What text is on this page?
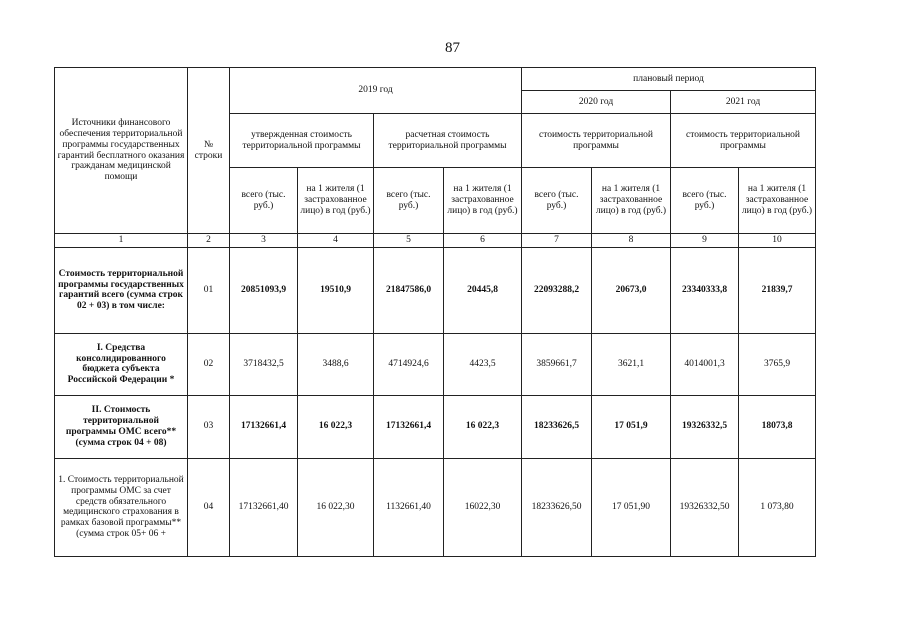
87
Источники финансового обеспечения территориальной программы государственных гарантий бесплатного оказания гражданам медицинской помощи	№ строки	2019 год				плановый период			
						2020 год		2021 год	
		утвержденная стоимость территориальной программы		расчетная стоимость территориальной программы		стоимость территориальной программы		стоимость территориальной программы	
		всего (тыс. руб.)	на 1 жителя (1 застрахованное лицо) в год (руб.)	всего (тыс. руб.)	на 1 жителя (1 застрахованное лицо) в год (руб.)	всего (тыс. руб.)	на 1 жителя (1 застрахованное лицо) в год (руб.)	всего (тыс. руб.)	на 1 жителя (1 застрахованное лицо) в год (руб.)
1	2	3	4	5	6	7	8	9	10
Стоимость территориальной программы государственных гарантий всего (сумма строк 02 + 03) в том числе:	01	20851093,9	19510,9	21847586,0	20445,8	22093288,2	20673,0	23340333,8	21839,7
I. Средства консолидированного бюджета субъекта Российской Федерации *	02	3718432,5	3488,6	4714924,6	4423,5	3859661,7	3621,1	4014001,3	3765,9
II. Стоимость территориальной программы ОМС всего** (сумма строк 04 + 08)	03	17132661,4	16 022,3	17132661,4	16 022,3	18233626,5	17 051,9	19326332,5	18073,8
1. Стоимость территориальной программы ОМС за счет средств обязательного медицинского страхования в рамках базовой программы** (сумма строк 05+ 06 +	04	17132661,40	16 022,30	1132661,40	16022,30	18233626,50	17 051,90	19326332,50	1 073,80
